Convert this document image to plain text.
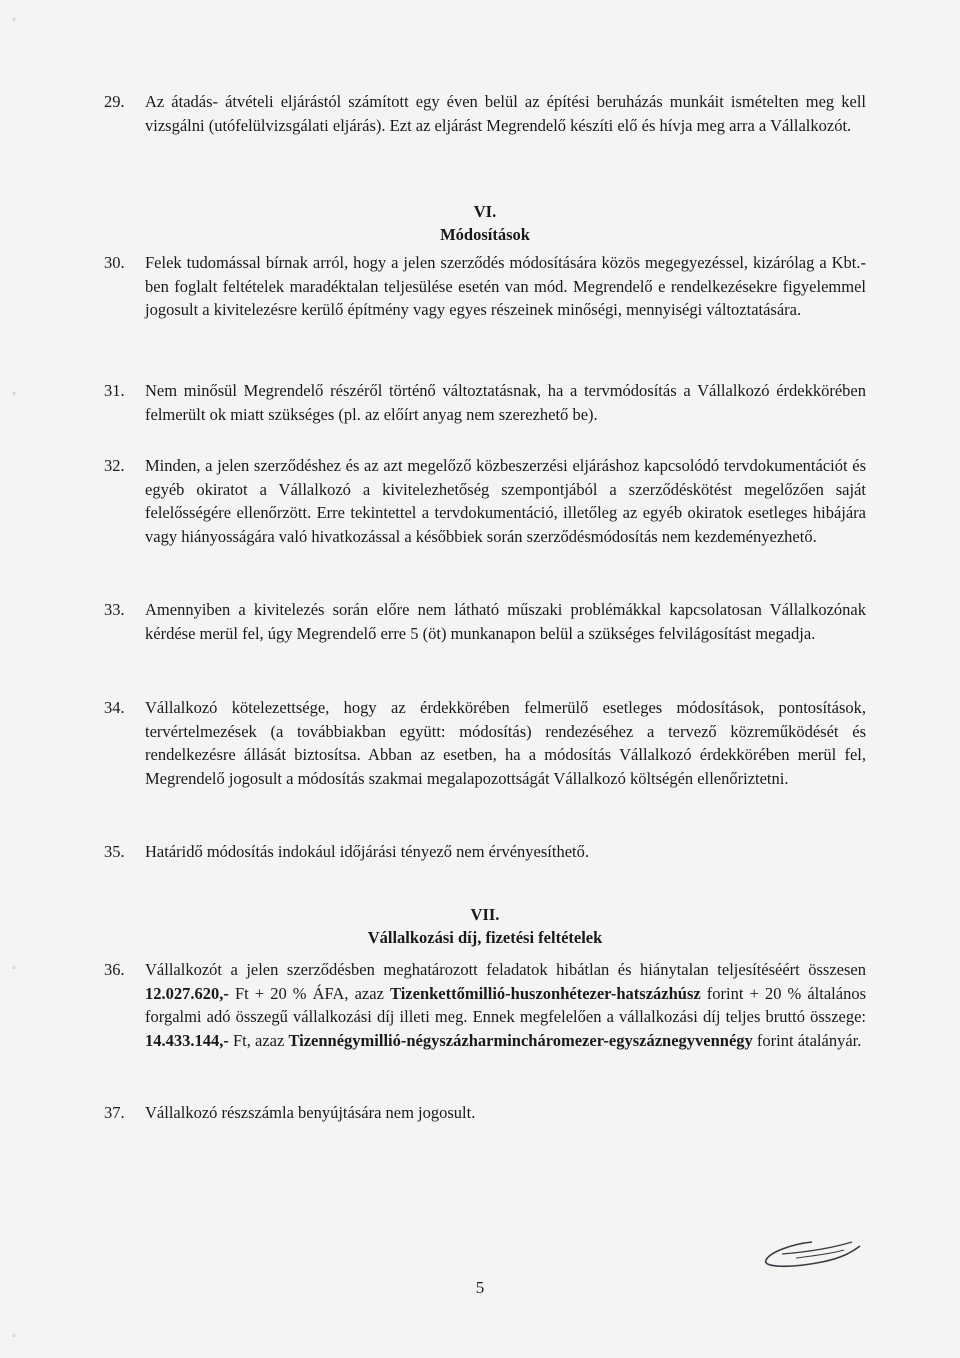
◦
◦
◦
◦
29.	Az átadás- átvételi eljárástól számított egy éven belül az építési beruházás munkáit ismételten meg kell vizsgálni (utófelülvizsgálati eljárás). Ezt az eljárást Megrendelő készíti elő és hívja meg arra a Vállalkozót.
VI.
Módosítások
30.	Felek tudomással bírnak arról, hogy a jelen szerződés módosítására közös megegyezéssel, kizárólag a Kbt.-ben foglalt feltételek maradéktalan teljesülése esetén van mód. Megrendelő e rendelkezésekre figyelemmel jogosult a kivitelezésre kerülő építmény vagy egyes részeinek minőségi, mennyiségi változtatására.
31.	Nem minősül Megrendelő részéről történő változtatásnak, ha a tervmódosítás a Vállalkozó érdekkörében felmerült ok miatt szükséges (pl. az előírt anyag nem szerezhető be).
32.	Minden, a jelen szerződéshez és az azt megelőző közbeszerzési eljáráshoz kapcsolódó tervdokumentációt és egyéb okiratot a Vállalkozó a kivitelezhetőség szempontjából a szerződéskötést megelőzően saját felelősségére ellenőrzött. Erre tekintettel a tervdokumentáció, illetőleg az egyéb okiratok esetleges hibájára vagy hiányosságára való hivatkozással a későbbiek során szerződésmódosítás nem kezdeményezhető.
33.	Amennyiben a kivitelezés során előre nem látható műszaki problémákkal kapcsolatosan Vállalkozónak kérdése merül fel, úgy Megrendelő erre 5 (öt) munkanapon belül a szükséges felvilágosítást megadja.
34.	Vállalkozó kötelezettsége, hogy az érdekkörében felmerülő esetleges módosítások, pontosítások, tervértelmezések (a továbbiakban együtt: módosítás) rendezéséhez a tervező közreműködését és rendelkezésre állását biztosítsa. Abban az esetben, ha a módosítás Vállalkozó érdekkörében merül fel, Megrendelő jogosult a módosítás szakmai megalapozottságát Vállalkozó költségén ellenőriztetni.
35.	Határidő módosítás indokául időjárási tényező nem érvényesíthető.
VII.
Vállalkozási díj, fizetési feltételek
36.	Vállalkozót a jelen szerződésben meghatározott feladatok hibátlan és hiánytalan teljesítéséért összesen 12.027.620,- Ft + 20 % ÁFA, azaz Tizenkettőmillió-huszonhétezer-hatszázhúsz forint + 20 % általános forgalmi adó összegű vállalkozási díj illeti meg. Ennek megfelelően a vállalkozási díj teljes bruttó összege: 14.433.144,- Ft, azaz Tizennégymillió-négyszázharmincháromezer-egyszáznegyvennégy forint átalányár.
37.	Vállalkozó részszámla benyújtására nem jogosult.
5
